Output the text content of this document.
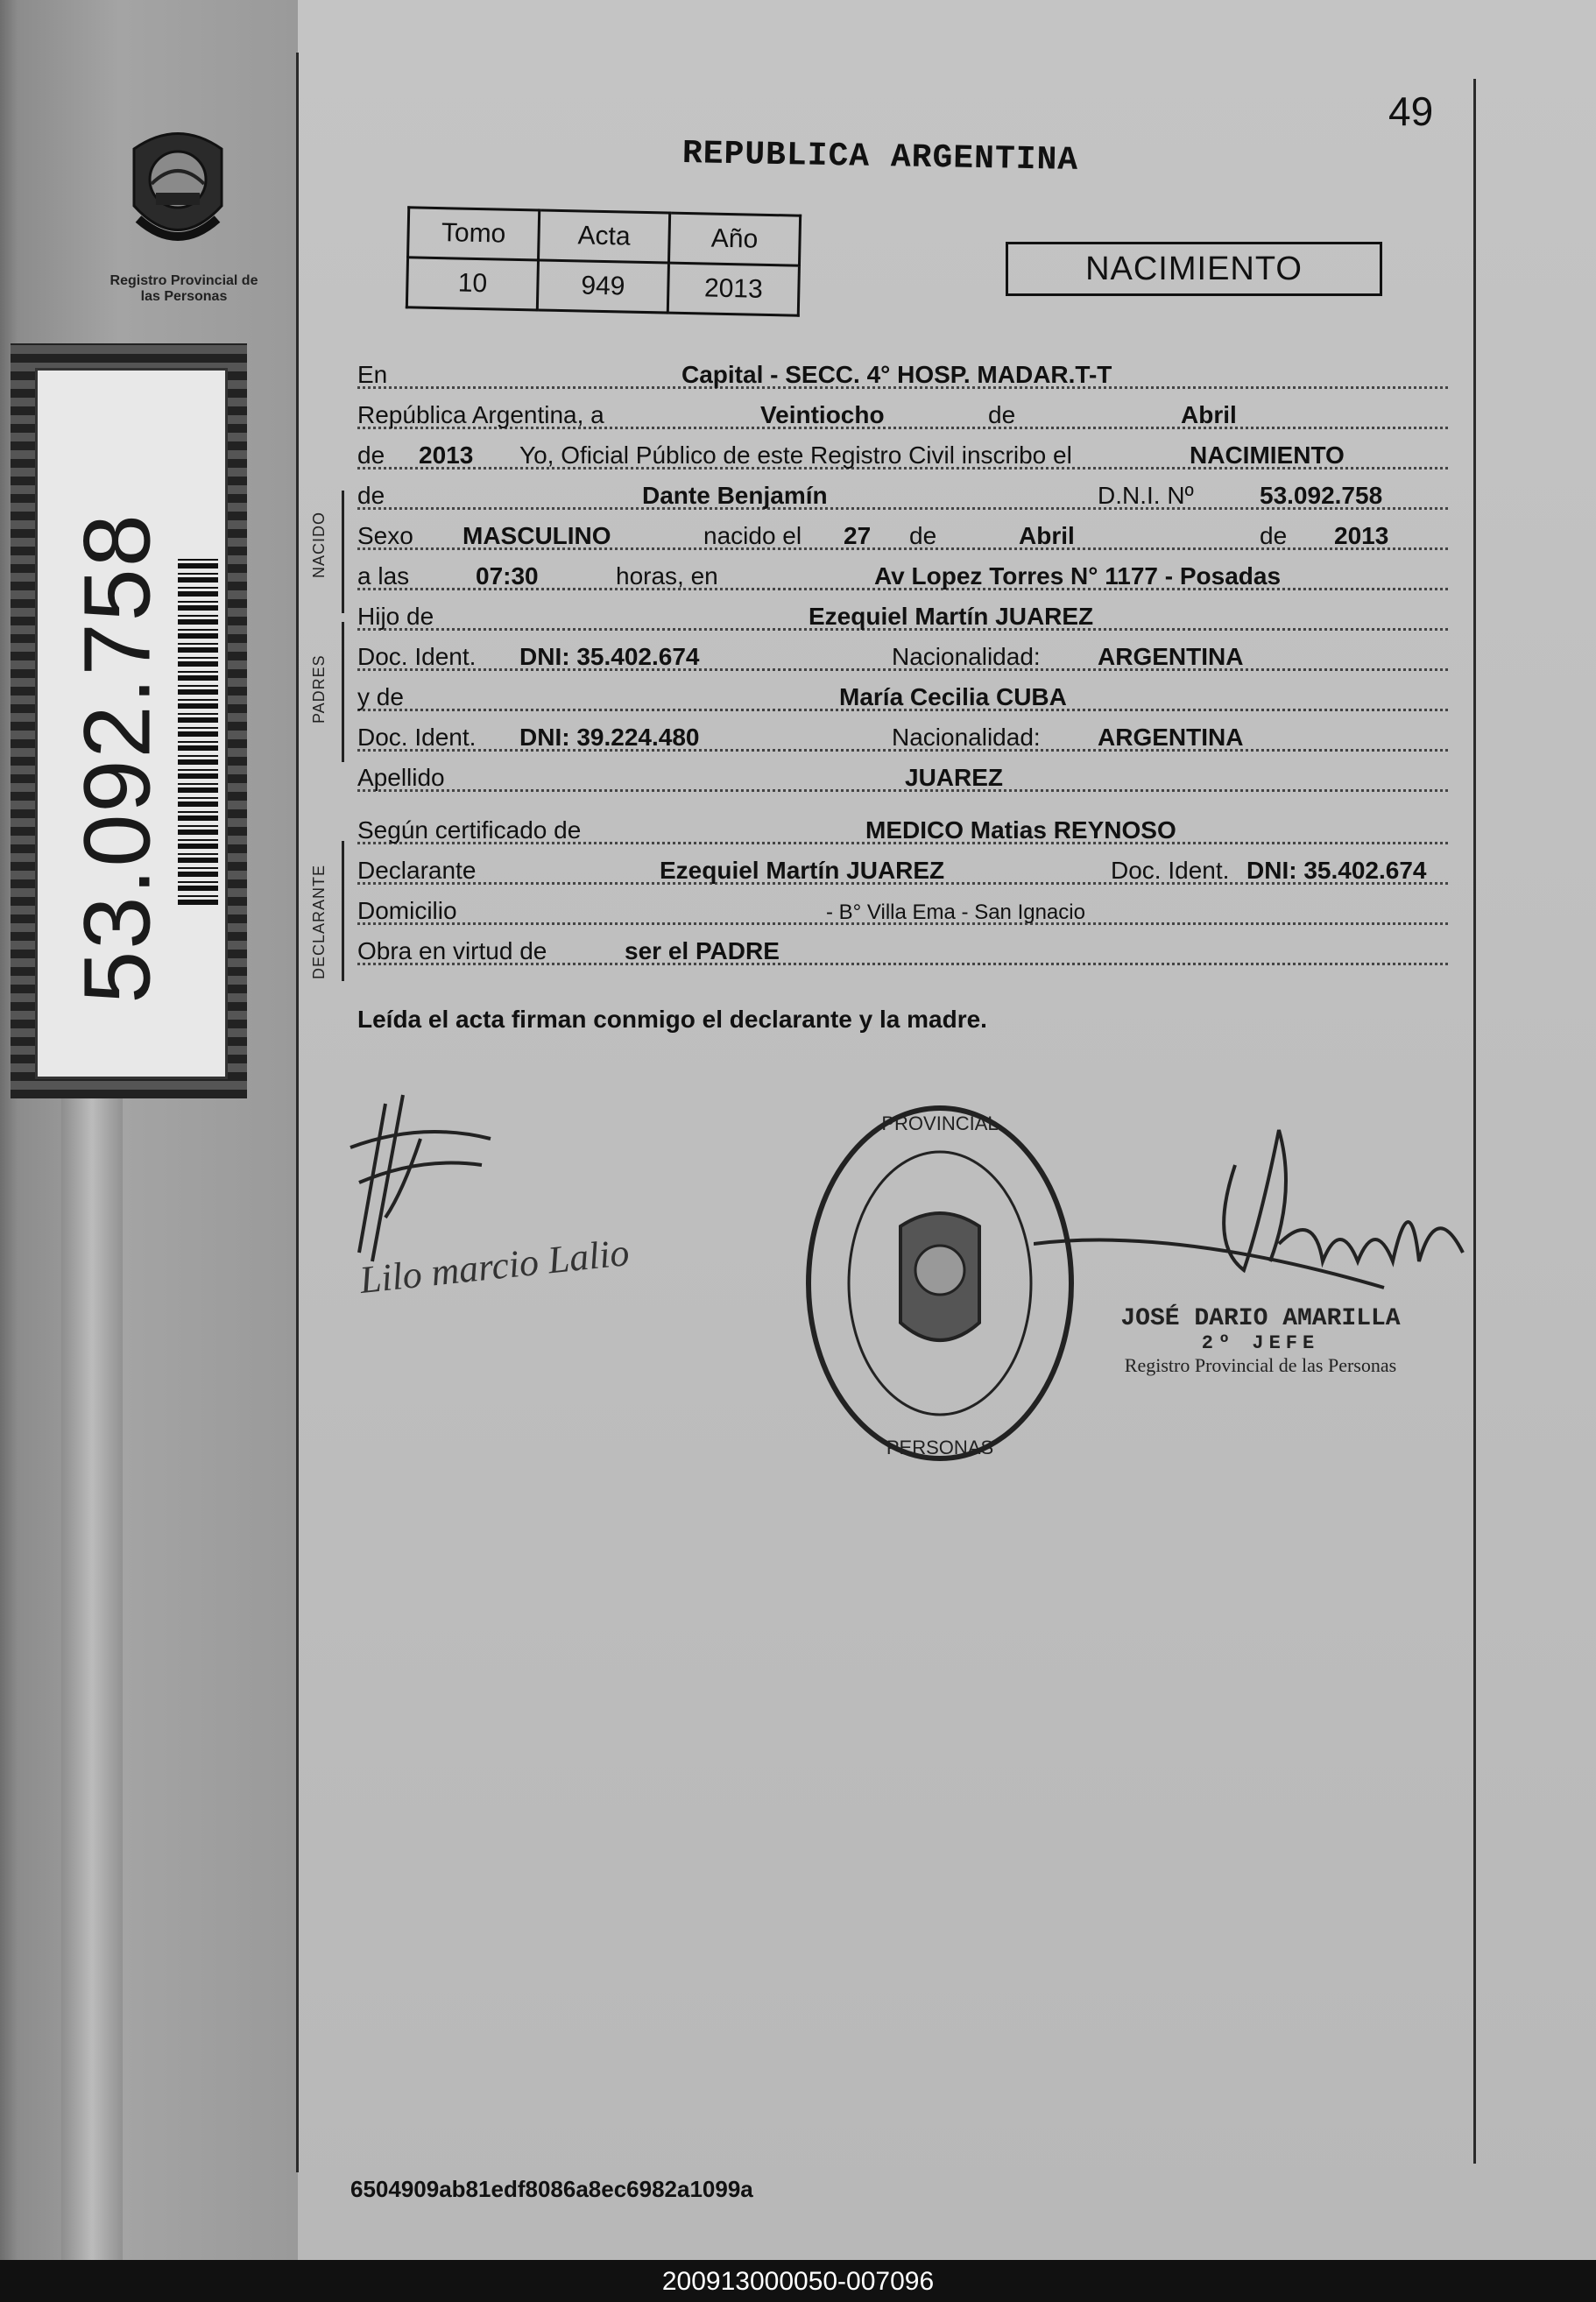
Registro Provincial de las Personas
53.092.758
49
REPUBLICA ARGENTINA
Tomo	Acta	Año
10	949	2013
NACIMIENTO
NACIDO
PADRES
DECLARANTE
En	Capital - SECC. 4° HOSP. MADAR.T-T
República Argentina, a	Veintiocho	de	Abril
de 2013 Yo, Oficial Público de este Registro Civil inscribo el	NACIMIENTO
de	Dante Benjamín	D.N.I. Nº	53.092.758
Sexo MASCULINO	nacido el 27 de	Abril	de 2013
a las	07:30	horas, en	Av Lopez Torres N° 1177 - Posadas
Hijo de	Ezequiel Martín JUAREZ
Doc. Ident. DNI: 35.402.674	Nacionalidad: ARGENTINA
y de	María Cecilia CUBA
Doc. Ident. DNI: 39.224.480	Nacionalidad: ARGENTINA
Apellido	JUAREZ
Según certificado de	MEDICO Matias REYNOSO
Declarante	Ezequiel Martín JUAREZ	Doc. Ident. DNI: 35.402.674
Domicilio	- B° Villa Ema - San Ignacio
Obra en virtud de	ser el PADRE
Leída el acta firman conmigo el declarante y la madre.
Lilo marcio Lalio
PROVINCIAL
PERSONAS
JOSÉ DARIO AMARILLA
2º JEFE
Registro Provincial de las Personas
6504909ab81edf8086a8ec6982a1099a
200913000050-007096
